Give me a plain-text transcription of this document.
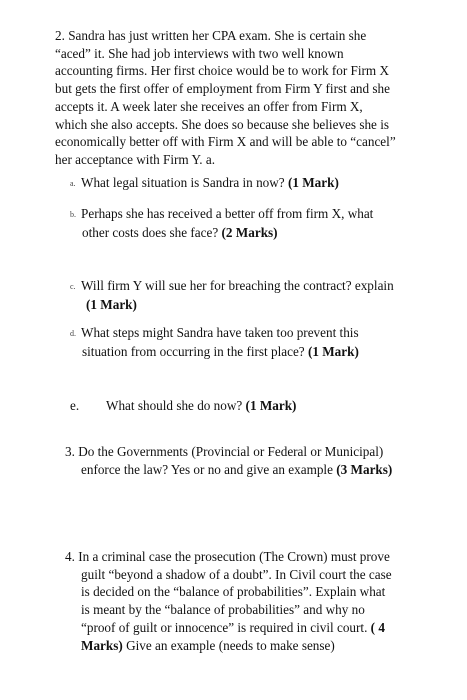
2. Sandra has just written her CPA exam. She is certain she
“aced” it. She had job interviews with two well known
accounting firms. Her first choice would be to work for Firm X
but gets the first offer of employment from Firm Y first and she
accepts it. A week later she receives an offer from Firm X,
which she also accepts. She does so because she believes she is
economically better off with Firm X and will be able to “cancel”
her acceptance with Firm Y. a.
a. What legal situation is Sandra in now? (1 Mark)
b. Perhaps she has received a better off from firm X, what
other costs does she face? (2 Marks)
c. Will firm Y will sue her for breaching the contract? explain
(1 Mark)
d. What steps might Sandra have taken too prevent this
situation from occurring in the first place? (1 Mark)
e. What should she do now? (1 Mark)
3. Do the Governments (Provincial or Federal or Municipal)
enforce the law? Yes or no and give an example (3 Marks)
4. In a criminal case the prosecution (The Crown) must prove
guilt “beyond a shadow of a doubt”. In Civil court the case
is decided on the “balance of probabilities”. Explain what
is meant by the “balance of probabilities” and why no
“proof of guilt or innocence” is required in civil court. ( 4
Marks) Give an example (needs to make sense)
